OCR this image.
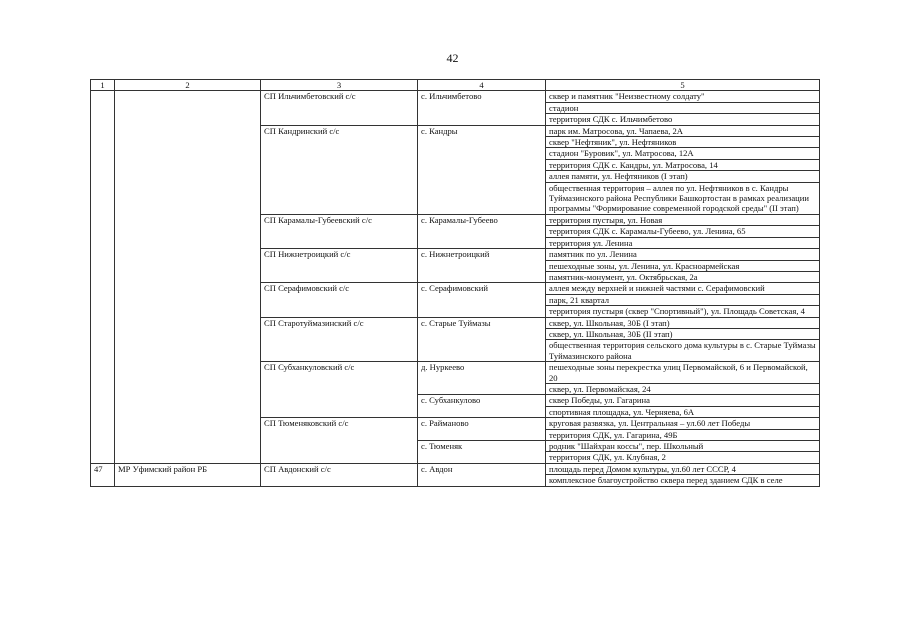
42
1	2	3	4	5
		СП Ильчимбетовский с/с	с. Ильчимбетово	сквер и памятник "Неизвестному солдату"
				стадион
				территория СДК с. Ильчимбетово
		СП Кандринский с/с	с. Кандры	парк им. Матросова, ул. Чапаева, 2А
				сквер "Нефтяник", ул. Нефтяников
				стадион "Буровик", ул. Матросова, 12А
				территория СДК с. Кандры, ул. Матросова, 14
				аллея памяти, ул. Нефтяников (I этап)
				общественная территория – аллея по ул. Нефтяников в с. Кандры Туймазинского района Республики Башкортостан в рамках реализации программы "Формирование современной городской среды" (II этап)
		СП Карамалы-Губеевский с/с	с. Карамалы-Губеево	территория пустыря, ул. Новая
				территория СДК с. Карамалы-Губеево, ул. Ленина, 65
				территория ул. Ленина
		СП Нижнетроицкий с/с	с. Нижнетроицкий	памятник по ул. Ленина
				пешеходные зоны, ул. Ленина, ул. Красноармейская
				памятник-монумент, ул. Октябрьская, 2а
		СП Серафимовский с/с	с. Серафимовский	аллея между верхней и нижней частями с. Серафимовский
				парк, 21 квартал
				территория пустыря (сквер "Спортивный"), ул. Площадь Советская, 4
		СП Старотуймазинский с/с	с. Старые Туймазы	сквер, ул. Школьная, 30Б (I этап)
				сквер, ул. Школьная, 30Б (II этап)
				общественная территория сельского дома культуры в с. Старые Туймазы Туймазинского района
		СП Субханкуловский с/с	д. Нуркеево	пешеходные зоны перекрестка улиц Первомайской, 6 и Первомайской, 20
				сквер, ул. Первомайская, 24
			с. Субханкулово	сквер Победы, ул. Гагарина
				спортивная площадка, ул. Черняева, 6А
		СП Тюменяковский с/с	с. Райманово	круговая развязка, ул. Центральная – ул.60 лет Победы
				территория СДК, ул. Гагарина, 49Б
			с. Тюменяк	родник "Шайхран коссы", пер. Школьный
				территория СДК, ул. Клубная, 2
47	МР Уфимский район РБ	СП Авдонский с/с	с. Авдон	площадь перед Домом культуры, ул.60 лет СССР, 4
				комплексное благоустройство сквера перед зданием СДК в селе
